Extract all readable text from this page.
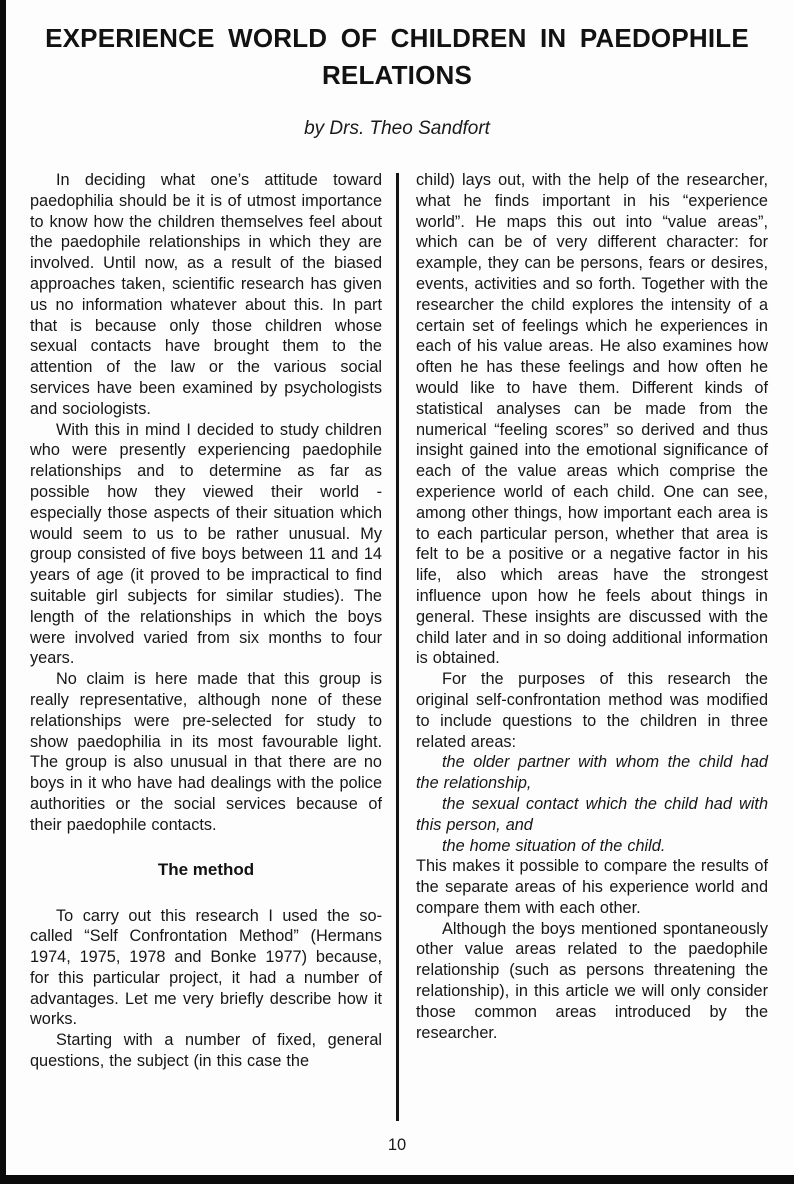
EXPERIENCE WORLD OF CHILDREN IN PAEDOPHILE
RELATIONS
by Drs. Theo Sandfort

In deciding what one’s attitude toward paedophilia should be it is of utmost importance to know how the children themselves feel about the paedophile relationships in which they are involved. Until now, as a result of the biased approaches taken, scientific research has given us no information whatever about this. In part that is because only those children whose sexual contacts have brought them to the attention of the law or the various social services have been examined by psychologists and sociologists.

With this in mind I decided to study children who were presently experiencing paedophile relationships and to determine as far as possible how they viewed their world - especially those aspects of their situation which would seem to us to be rather unusual. My group consisted of five boys between 11 and 14 years of age (it proved to be impractical to find suitable girl subjects for similar studies). The length of the relationships in which the boys were involved varied from six months to four years.

No claim is here made that this group is really representative, although none of these relationships were pre-selected for study to show paedophilia in its most favourable light. The group is also unusual in that there are no boys in it who have had dealings with the police authorities or the social services because of their paedophile contacts.

The method

To carry out this research I used the so-called “Self Confrontation Method” (Hermans 1974, 1975, 1978 and Bonke 1977) because, for this particular project, it had a number of advantages. Let me very briefly describe how it works.

Starting with a number of fixed, general questions, the subject (in this case the

child) lays out, with the help of the researcher, what he finds important in his “experience world”. He maps this out into “value areas”, which can be of very different character: for example, they can be persons, fears or desires, events, activities and so forth. Together with the researcher the child explores the intensity of a certain set of feelings which he experiences in each of his value areas. He also examines how often he has these feelings and how often he would like to have them. Different kinds of statistical analyses can be made from the numerical “feeling scores” so derived and thus insight gained into the emotional significance of each of the value areas which comprise the experience world of each child. One can see, among other things, how important each area is to each particular person, whether that area is felt to be a positive or a negative factor in his life, also which areas have the strongest influence upon how he feels about things in general. These insights are discussed with the child later and in so doing additional information is obtained.

For the purposes of this research the original self-confrontation method was modified to include questions to the children in three related areas:

the older partner with whom the child had the relationship,

the sexual contact which the child had with this person, and

the home situation of the child.

This makes it possible to compare the results of the separate areas of his experience world and compare them with each other.

Although the boys mentioned spontaneously other value areas related to the paedophile relationship (such as persons threatening the relationship), in this article we will only consider those common areas introduced by the researcher.

10
